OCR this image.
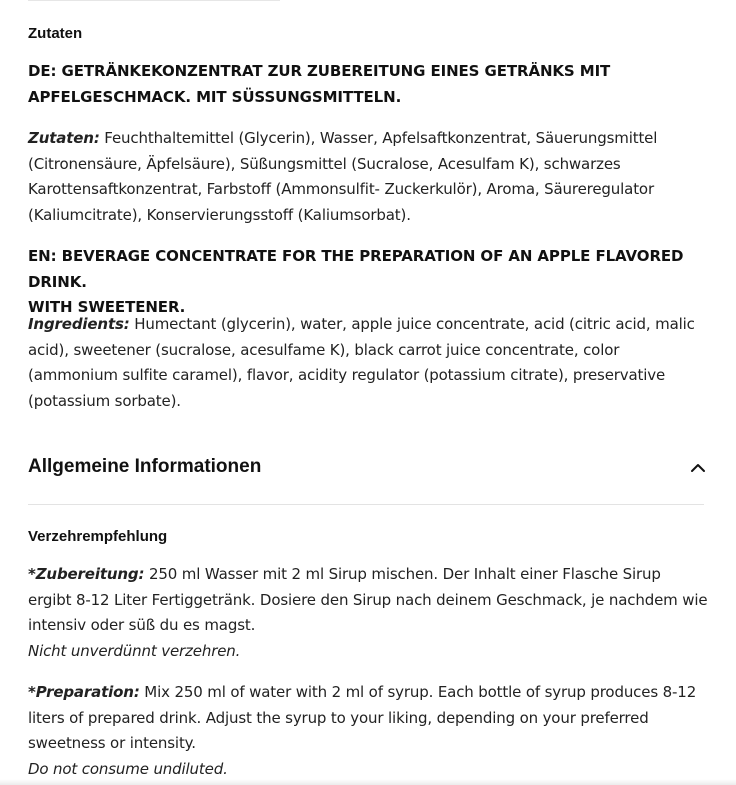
Zutaten

DE: GETRÄNKEKONZENTRAT ZUR ZUBEREITUNG EINES GETRÄNKS MIT
APFELGESCHMACK. MIT SÜSSUNGSMITTELN.

Zutaten: Feuchthaltemittel (Glycerin), Wasser, Apfelsaftkonzentrat, Säuerungsmittel (Citronensäure, Äpfelsäure), Süßungsmittel (Sucralose, Acesulfam K), schwarzes Karottensaftkonzentrat, Farbstoff (Ammonsulfit- Zuckerkulör), Aroma, Säureregulator (Kaliumcitrate), Konservierungsstoff (Kaliumsorbat).

EN: BEVERAGE CONCENTRATE FOR THE PREPARATION OF AN APPLE FLAVORED DRINK.
WITH SWEETENER.

Ingredients: Humectant (glycerin), water, apple juice concentrate, acid (citric acid, malic acid), sweetener (sucralose, acesulfame K), black carrot juice concentrate, color (ammonium sulfite caramel), flavor, acidity regulator (potassium citrate), preservative (potassium sorbate).

Allgemeine Informationen
Verzehrempfehlung

*Zubereitung: 250 ml Wasser mit 2 ml Sirup mischen. Der Inhalt einer Flasche Sirup ergibt 8-12 Liter Fertiggetränk. Dosiere den Sirup nach deinem Geschmack, je nachdem wie intensiv oder süß du es magst.
Nicht unverdünnt verzehren.

*Preparation: Mix 250 ml of water with 2 ml of syrup. Each bottle of syrup produces 8-12 liters of prepared drink. Adjust the syrup to your liking, depending on your preferred sweetness or intensity.
Do not consume undiluted.
